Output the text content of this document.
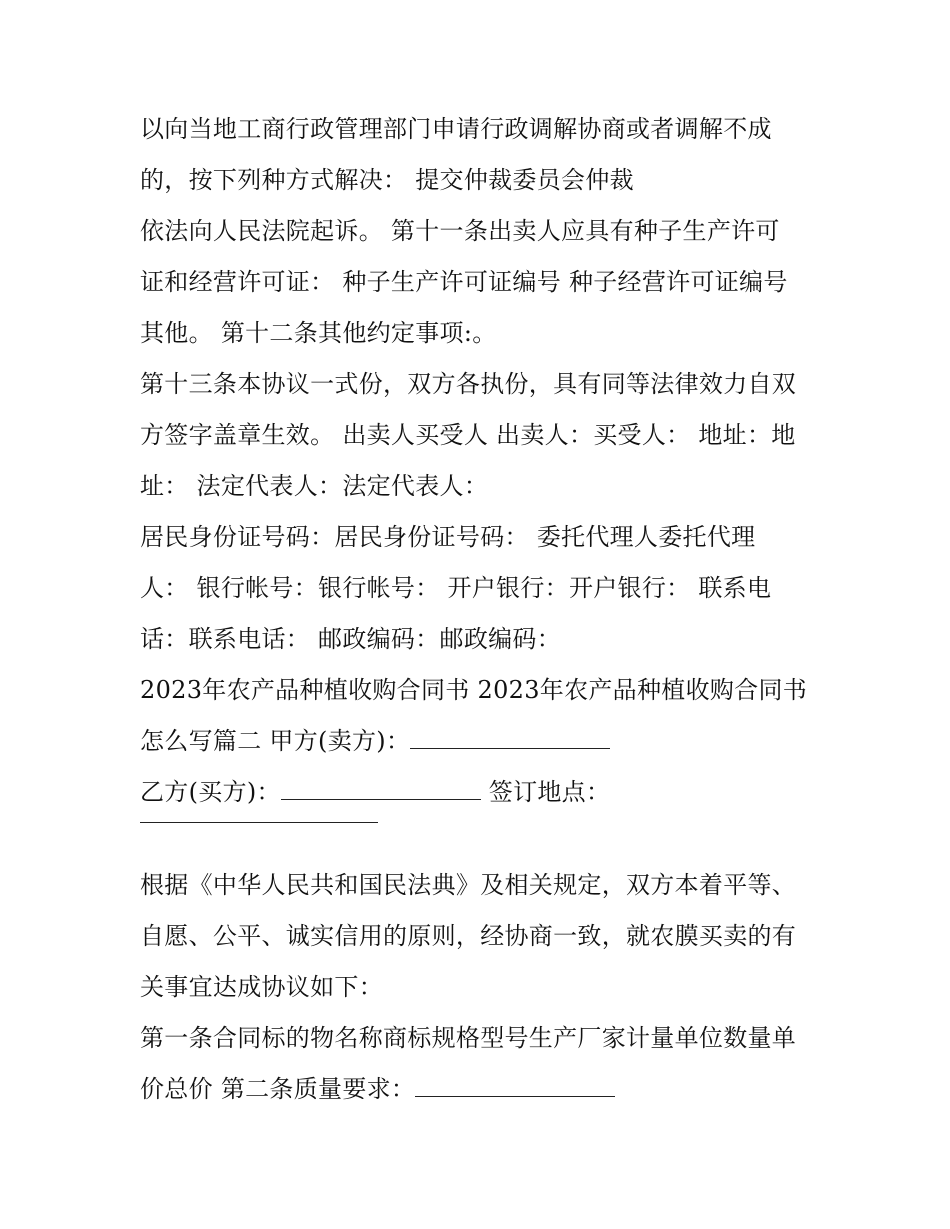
以向当地工商行政管理部门申请行政调解协商或者调解不成
的，按下列种方式解决： 提交仲裁委员会仲裁
依法向人民法院起诉。 第十一条出卖人应具有种子生产许可
证和经营许可证： 种子生产许可证编号 种子经营许可证编号
其他。 第十二条其他约定事项:。
第十三条本协议一式份，双方各执份，具有同等法律效力自双
方签字盖章生效。 出卖人买受人 出卖人：买受人： 地址：地
址： 法定代表人：法定代表人：
居民身份证号码：居民身份证号码： 委托代理人委托代理
人： 银行帐号：银行帐号： 开户银行：开户银行： 联系电
话：联系电话： 邮政编码：邮政编码：
2023年农产品种植收购合同书 2023年农产品种植收购合同书
怎么写篇二 甲方(卖方)：
乙方(买方)：	签订地点：
根据《中华人民共和国民法典》及相关规定，双方本着平等、
自愿、公平、诚实信用的原则，经协商一致，就农膜买卖的有
关事宜达成协议如下：
第一条合同标的物名称商标规格型号生产厂家计量单位数量单
价总价 第二条质量要求：
